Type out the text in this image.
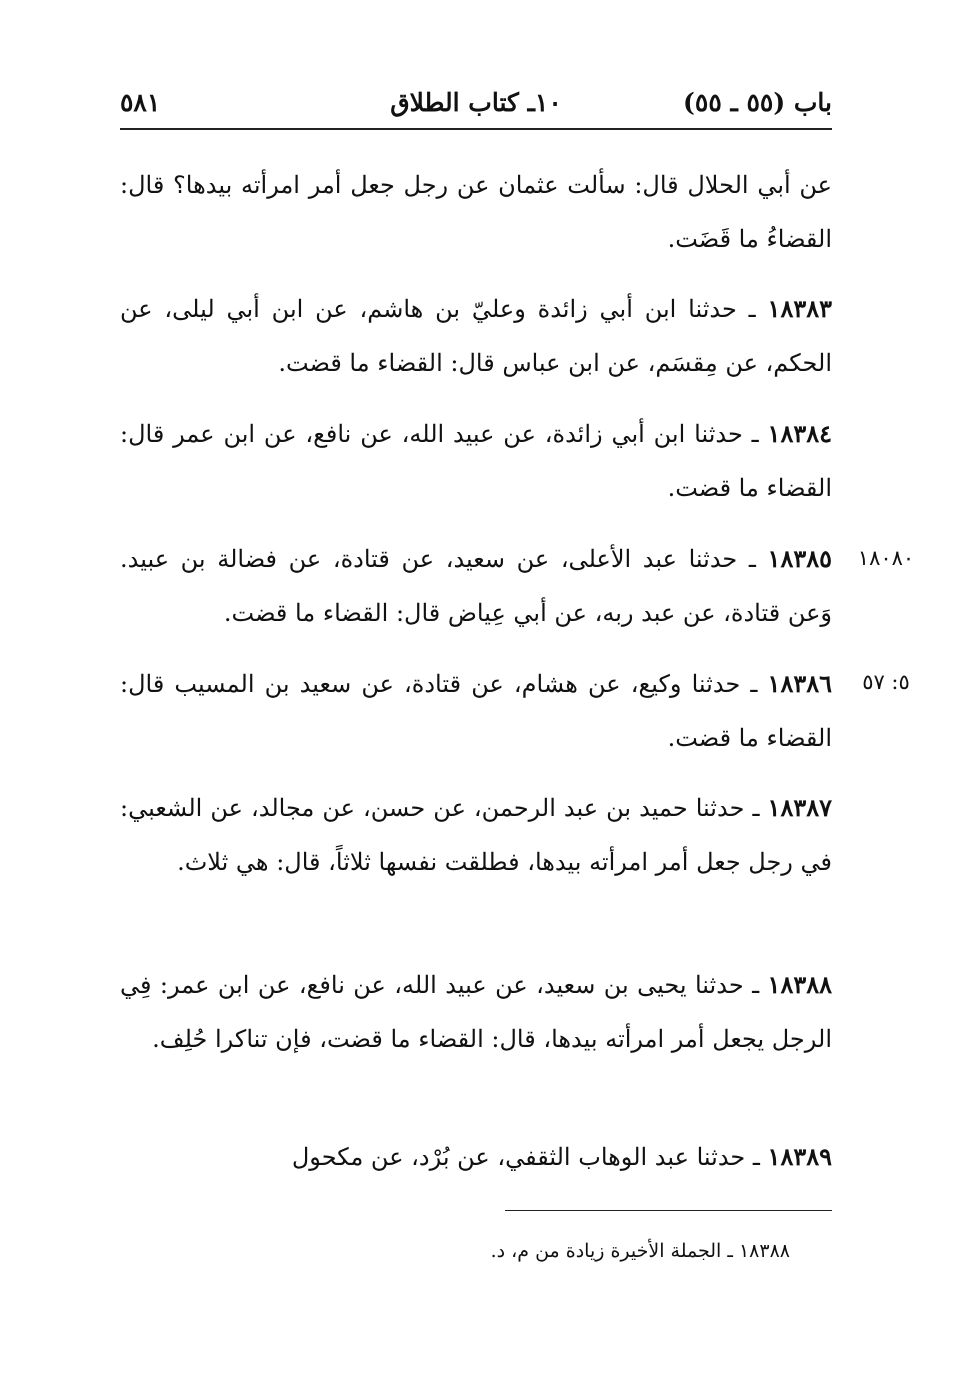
باب (٥٥ ـ ٥٥)
١٠ـ كتاب الطلاق
٥٨١
عن أبي الحلال قال: سألت عثمان عن رجل جعل أمر امرأته بيدها؟ قال: القضاءُ ما قَضَت.
١٨٣٨٣ ـ حدثنا ابن أبي زائدة وعليّ بن هاشم، عن ابن أبي ليلى، عن الحكم، عن مِقسَم، عن ابن عباس قال: القضاء ما قضت.
١٨٣٨٤ ـ حدثنا ابن أبي زائدة، عن عبيد الله، عن نافع، عن ابن عمر قال: القضاء ما قضت.
١٨٣٨٥ ـ حدثنا عبد الأعلى، عن سعيد، عن قتادة، عن فضالة بن عبيد. وَعن قتادة، عن عبد ربه، عن أبي عِياض قال: القضاء ما قضت.
١٨٣٨٦ ـ حدثنا وكيع، عن هشام، عن قتادة، عن سعيد بن المسيب قال: القضاء ما قضت.
١٨٣٨٧ ـ حدثنا حميد بن عبد الرحمن، عن حسن، عن مجالد، عن الشعبي: في رجل جعل أمر امرأته بيدها، فطلقت نفسها ثلاثاً، قال: هي ثلاث.
١٨٣٨٨ ـ حدثنا يحيى بن سعيد، عن عبيد الله، عن نافع، عن ابن عمر: فِي الرجل يجعل أمر امرأته بيدها، قال: القضاء ما قضت، فإن تناكرا حُلِف.
١٨٣٨٩ ـ حدثنا عبد الوهاب الثقفي، عن بُرْد، عن مكحول
١٨٠٨٠
٥: ٥٧
١٨٣٨٨ ـ الجملة الأخيرة زيادة من م، د.
